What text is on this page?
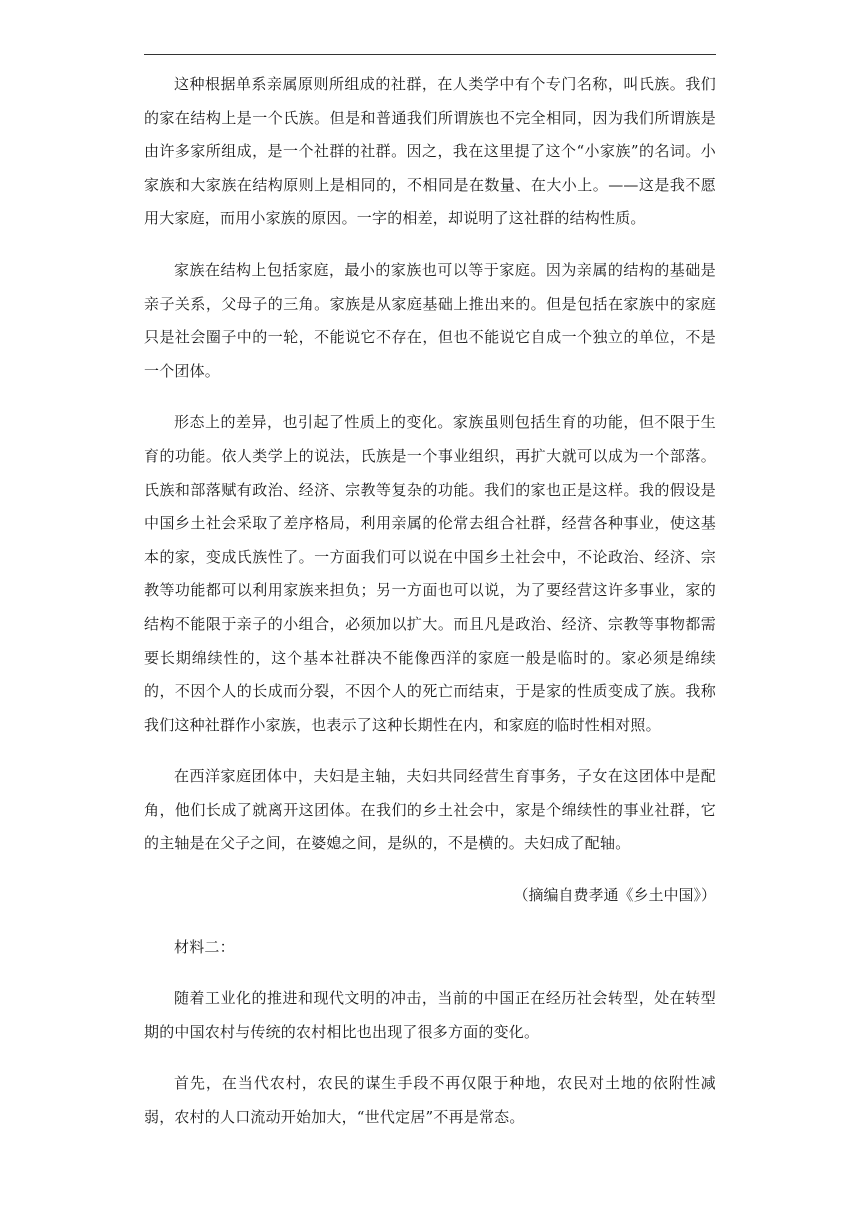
这种根据单系亲属原则所组成的社群，在人类学中有个专门名称，叫氏族。我们的家在结构上是一个氏族。但是和普通我们所谓族也不完全相同，因为我们所谓族是由许多家所组成，是一个社群的社群。因之，我在这里提了这个“小家族”的名词。小家族和大家族在结构原则上是相同的，不相同是在数量、在大小上。——这是我不愿用大家庭，而用小家族的原因。一字的相差，却说明了这社群的结构性质。

家族在结构上包括家庭，最小的家族也可以等于家庭。因为亲属的结构的基础是亲子关系，父母子的三角。家族是从家庭基础上推出来的。但是包括在家族中的家庭只是社会圈子中的一轮，不能说它不存在，但也不能说它自成一个独立的单位，不是一个团体。

形态上的差异，也引起了性质上的变化。家族虽则包括生育的功能，但不限于生育的功能。依人类学上的说法，氏族是一个事业组织，再扩大就可以成为一个部落。氏族和部落赋有政治、经济、宗教等复杂的功能。我们的家也正是这样。我的假设是中国乡土社会采取了差序格局，利用亲属的伦常去组合社群，经营各种事业，使这基本的家，变成氏族性了。一方面我们可以说在中国乡土社会中，不论政治、经济、宗教等功能都可以利用家族来担负；另一方面也可以说，为了要经营这许多事业，家的结构不能限于亲子的小组合，必须加以扩大。而且凡是政治、经济、宗教等事物都需要长期绵续性的，这个基本社群决不能像西洋的家庭一般是临时的。家必须是绵续的，不因个人的长成而分裂，不因个人的死亡而结束，于是家的性质变成了族。我称我们这种社群作小家族，也表示了这种长期性在内，和家庭的临时性相对照。

在西洋家庭团体中，夫妇是主轴，夫妇共同经营生育事务，子女在这团体中是配角，他们长成了就离开这团体。在我们的乡土社会中，家是个绵续性的事业社群，它的主轴是在父子之间，在婆媳之间，是纵的，不是横的。夫妇成了配轴。

（摘编自费孝通《乡土中国》）

材料二：

随着工业化的推进和现代文明的冲击，当前的中国正在经历社会转型，处在转型期的中国农村与传统的农村相比也出现了很多方面的变化。

首先，在当代农村，农民的谋生手段不再仅限于种地，农民对土地的依附性减弱，农村的人口流动开始加大，“世代定居”不再是常态。
